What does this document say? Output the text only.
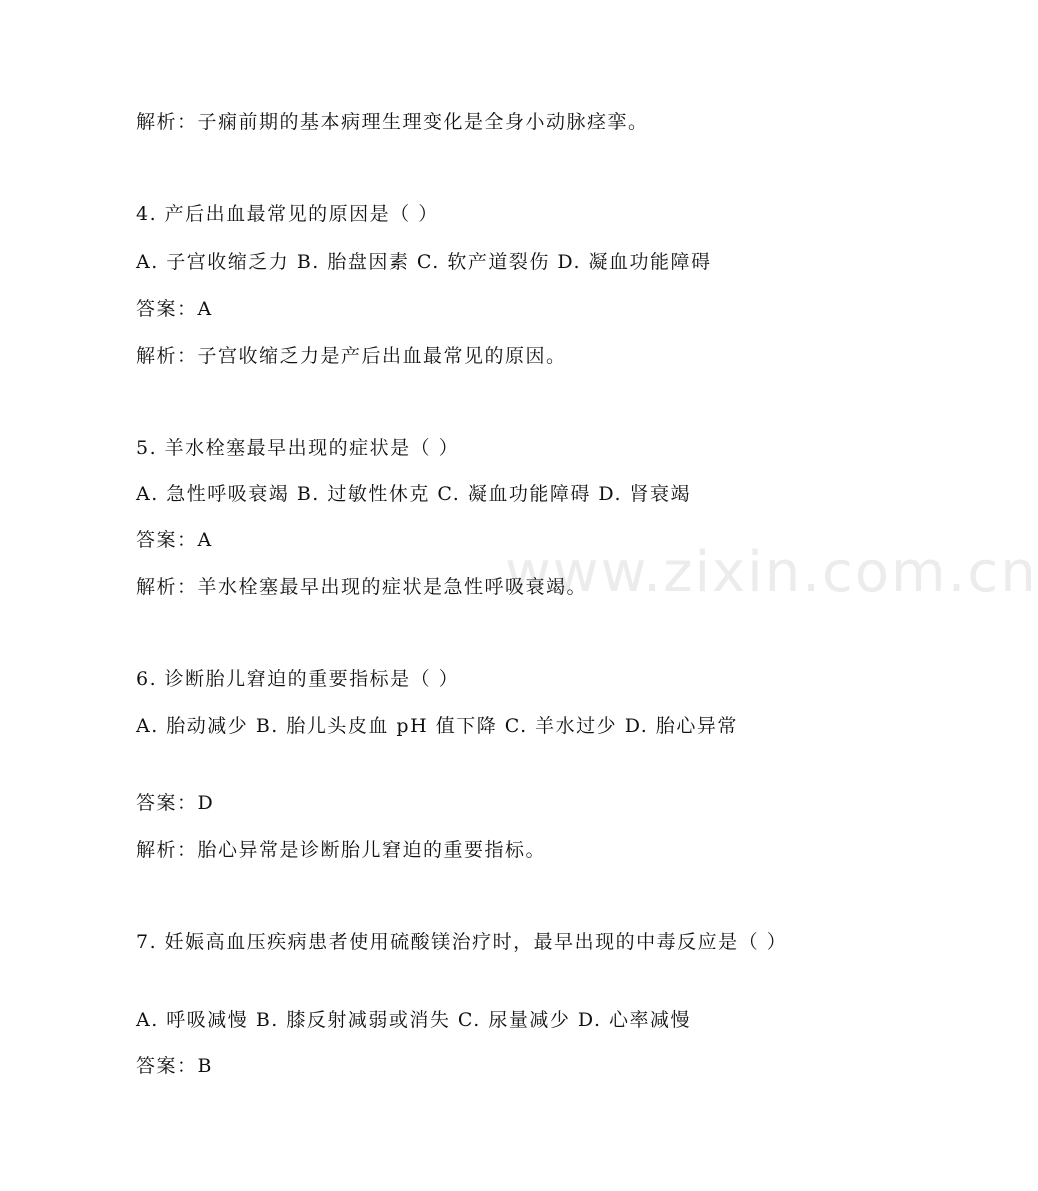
www.zixin.com.cn
解析：子痫前期的基本病理生理变化是全身小动脉痉挛。
4. 产后出血最常见的原因是（ ）
A. 子宫收缩乏力 B. 胎盘因素 C. 软产道裂伤 D. 凝血功能障碍
答案：A
解析：子宫收缩乏力是产后出血最常见的原因。
5. 羊水栓塞最早出现的症状是（ ）
A. 急性呼吸衰竭 B. 过敏性休克 C. 凝血功能障碍 D. 肾衰竭
答案：A
解析：羊水栓塞最早出现的症状是急性呼吸衰竭。
6. 诊断胎儿窘迫的重要指标是（ ）
A. 胎动减少 B. 胎儿头皮血 pH 值下降 C. 羊水过少 D. 胎心异常
答案：D
解析：胎心异常是诊断胎儿窘迫的重要指标。
7. 妊娠高血压疾病患者使用硫酸镁治疗时，最早出现的中毒反应是（ ）
A. 呼吸减慢 B. 膝反射减弱或消失 C. 尿量减少 D. 心率减慢
答案：B
